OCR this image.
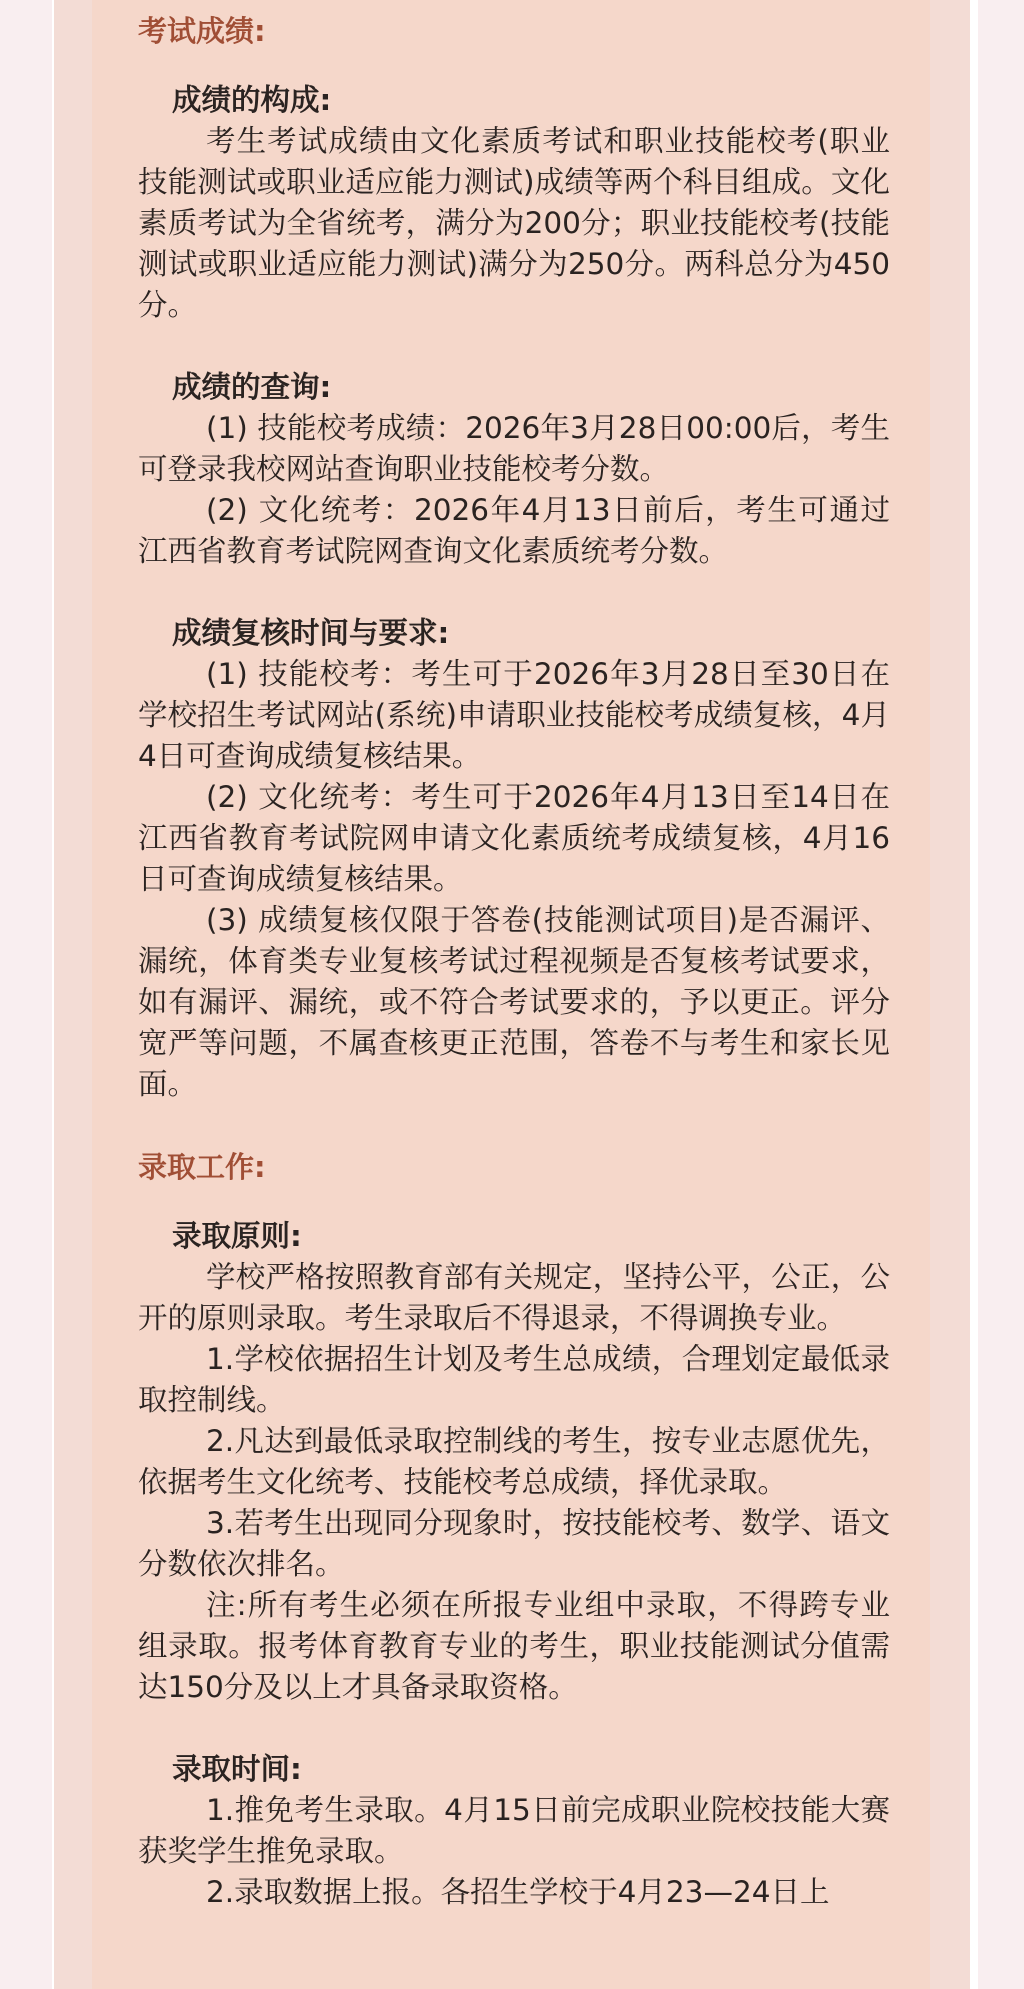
考试成绩:
成绩的构成:

考生考试成绩由文化素质考试和职业技能校考(职业技能测试或职业适应能力测试)成绩等两个科目组成。文化素质考试为全省统考，满分为200分；职业技能校考(技能测试或职业适应能力测试)满分为250分。两科总分为450分。

成绩的查询:

(1) 技能校考成绩：2026年3月28日00:00后，考生可登录我校网站查询职业技能校考分数。

(2) 文化统考：2026年4月13日前后，考生可通过江西省教育考试院网查询文化素质统考分数。

成绩复核时间与要求:

(1) 技能校考：考生可于2026年3月28日至30日在学校招生考试网站(系统)申请职业技能校考成绩复核，4月4日可查询成绩复核结果。

(2) 文化统考：考生可于2026年4月13日至14日在江西省教育考试院网申请文化素质统考成绩复核，4月16日可查询成绩复核结果。

(3) 成绩复核仅限于答卷(技能测试项目)是否漏评、漏统，体育类专业复核考试过程视频是否复核考试要求，如有漏评、漏统，或不符合考试要求的，予以更正。评分宽严等问题，不属查核更正范围，答卷不与考生和家长见面。

录取工作:
录取原则:

学校严格按照教育部有关规定，坚持公平，公正，公开的原则录取。考生录取后不得退录，不得调换专业。

1.学校依据招生计划及考生总成绩，合理划定最低录取控制线。

2.凡达到最低录取控制线的考生，按专业志愿优先，依据考生文化统考、技能校考总成绩，择优录取。

3.若考生出现同分现象时，按技能校考、数学、语文分数依次排名。

注:所有考生必须在所报专业组中录取，不得跨专业组录取。报考体育教育专业的考生，职业技能测试分值需达150分及以上才具备录取资格。

录取时间:

1.推免考生录取。4月15日前完成职业院校技能大赛获奖学生推免录取。

2.录取数据上报。各招生学校于4月23—24日上
